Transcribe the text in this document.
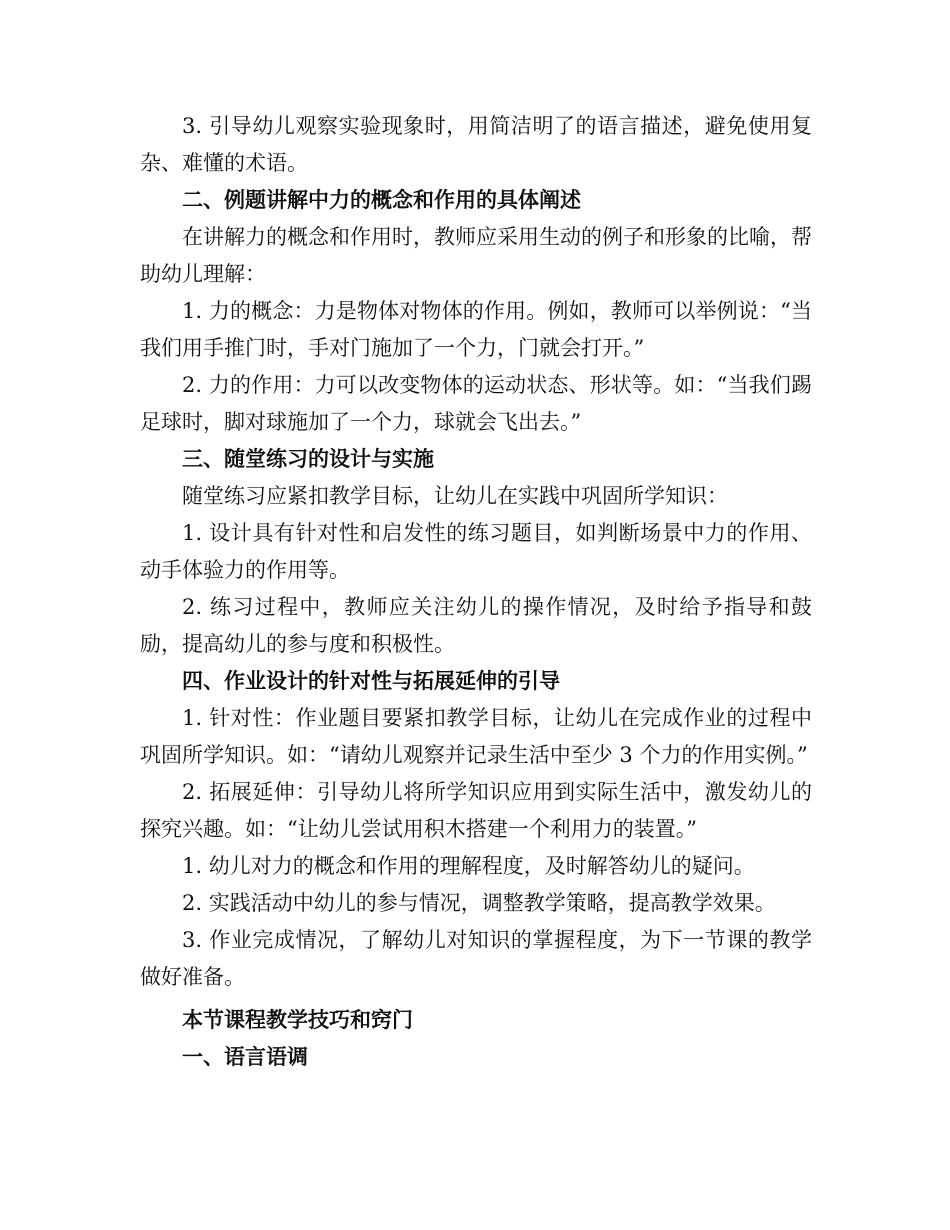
3. 引导幼儿观察实验现象时，用简洁明了的语言描述，避免使用复杂、难懂的术语。

二、例题讲解中力的概念和作用的具体阐述

在讲解力的概念和作用时，教师应采用生动的例子和形象的比喻，帮助幼儿理解：

1. 力的概念：力是物体对物体的作用。例如，教师可以举例说：“当我们用手推门时，手对门施加了一个力，门就会打开。”

2. 力的作用：力可以改变物体的运动状态、形状等。如：“当我们踢足球时，脚对球施加了一个力，球就会飞出去。”

三、随堂练习的设计与实施

随堂练习应紧扣教学目标，让幼儿在实践中巩固所学知识：

1. 设计具有针对性和启发性的练习题目，如判断场景中力的作用、动手体验力的作用等。

2. 练习过程中，教师应关注幼儿的操作情况，及时给予指导和鼓励，提高幼儿的参与度和积极性。

四、作业设计的针对性与拓展延伸的引导

1. 针对性：作业题目要紧扣教学目标，让幼儿在完成作业的过程中巩固所学知识。如：“请幼儿观察并记录生活中至少 3 个力的作用实例。”

2. 拓展延伸：引导幼儿将所学知识应用到实际生活中，激发幼儿的探究兴趣。如：“让幼儿尝试用积木搭建一个利用力的装置。”

1. 幼儿对力的概念和作用的理解程度，及时解答幼儿的疑问。

2. 实践活动中幼儿的参与情况，调整教学策略，提高教学效果。

3. 作业完成情况，了解幼儿对知识的掌握程度，为下一节课的教学做好准备。

本节课程教学技巧和窍门

一、语言语调
